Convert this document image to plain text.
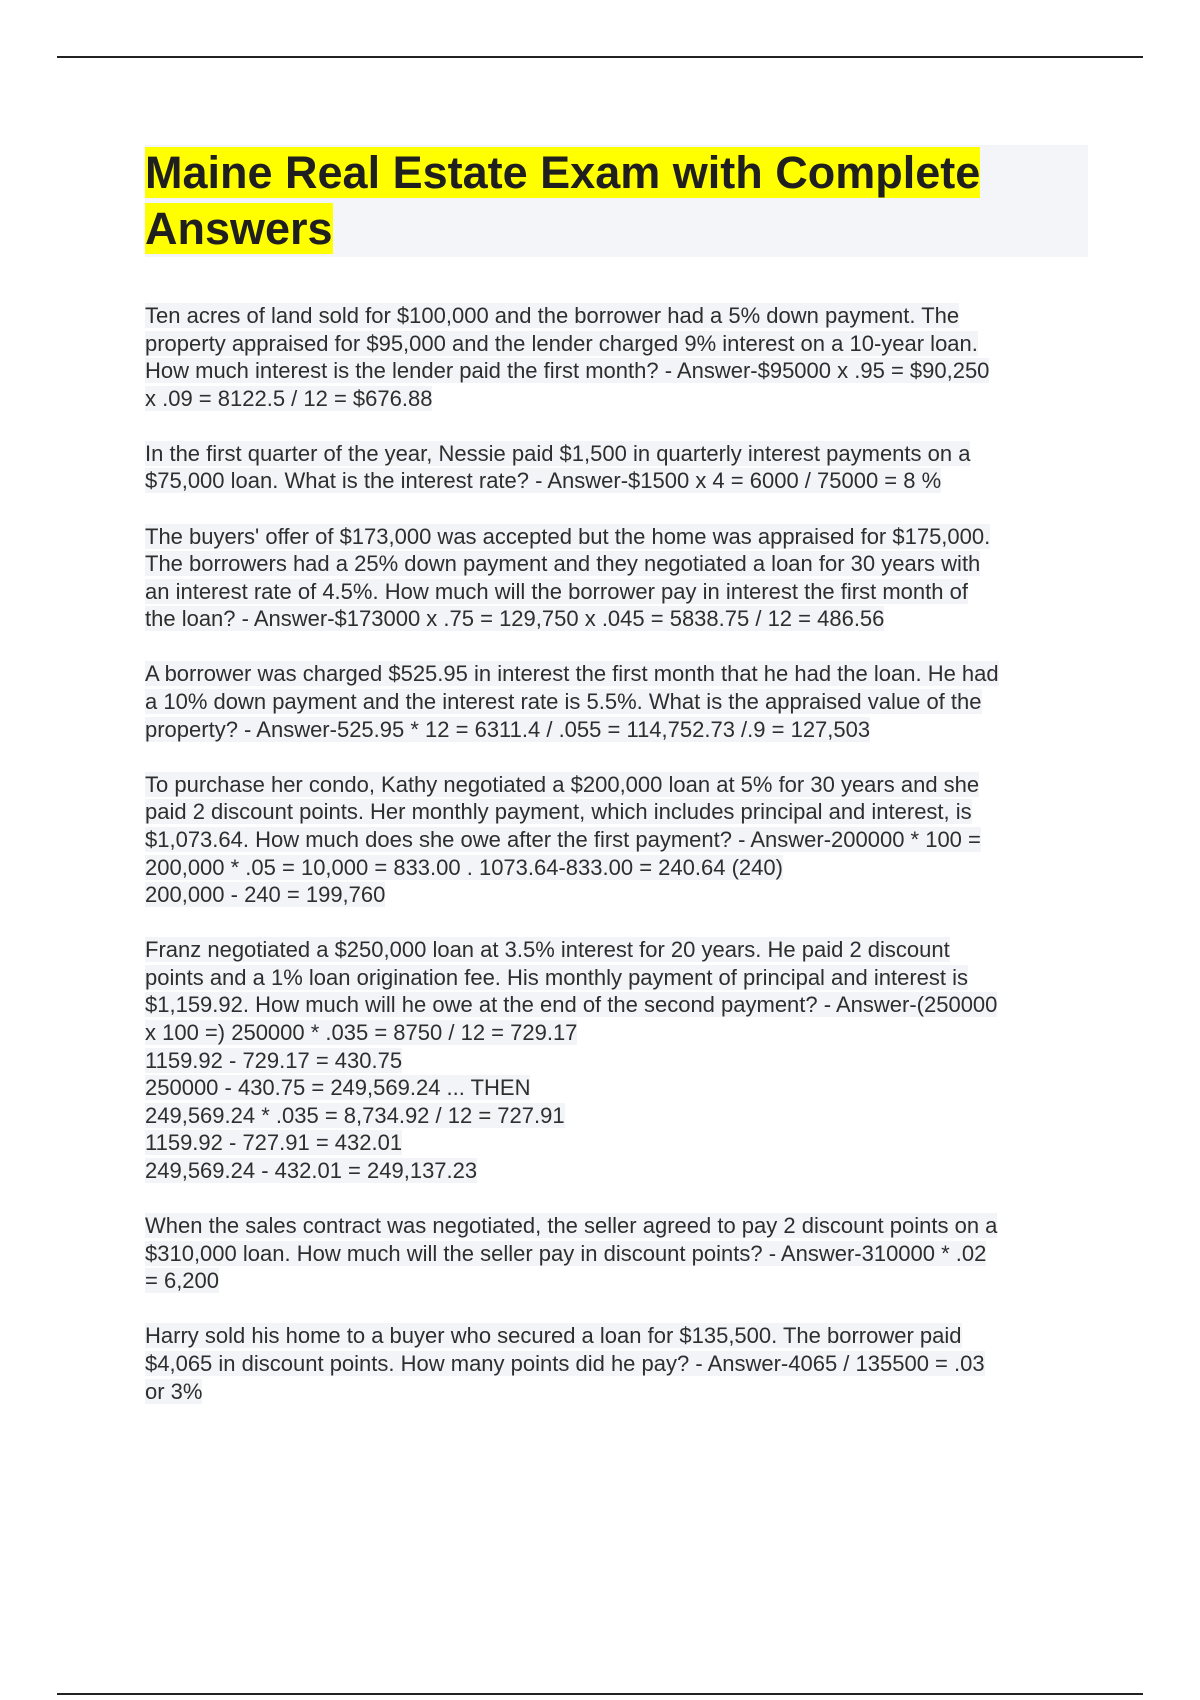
Maine Real Estate Exam with Complete Answers

Ten acres of land sold for $100,000 and the borrower had a 5% down payment. The
property appraised for $95,000 and the lender charged 9% interest on a 10-year loan.
How much interest is the lender paid the first month? - Answer-$95000 x .95 = $90,250
x .09 = 8122.5 / 12 = $676.88

In the first quarter of the year, Nessie paid $1,500 in quarterly interest payments on a
$75,000 loan. What is the interest rate? - Answer-$1500 x 4 = 6000 / 75000 = 8 %

The buyers' offer of $173,000 was accepted but the home was appraised for $175,000.
The borrowers had a 25% down payment and they negotiated a loan for 30 years with
an interest rate of 4.5%. How much will the borrower pay in interest the first month of
the loan? - Answer-$173000 x .75 = 129,750 x .045 = 5838.75 / 12 = 486.56

A borrower was charged $525.95 in interest the first month that he had the loan. He had
a 10% down payment and the interest rate is 5.5%. What is the appraised value of the
property? - Answer-525.95 * 12 = 6311.4 / .055 = 114,752.73 /.9 = 127,503

To purchase her condo, Kathy negotiated a $200,000 loan at 5% for 30 years and she
paid 2 discount points. Her monthly payment, which includes principal and interest, is
$1,073.64. How much does she owe after the first payment? - Answer-200000 * 100 =
200,000 * .05 = 10,000 = 833.00 . 1073.64-833.00 = 240.64 (240)
200,000 - 240 = 199,760

Franz negotiated a $250,000 loan at 3.5% interest for 20 years. He paid 2 discount
points and a 1% loan origination fee. His monthly payment of principal and interest is
$1,159.92. How much will he owe at the end of the second payment? - Answer-(250000
x 100 =) 250000 * .035 = 8750 / 12 = 729.17
1159.92 - 729.17 = 430.75
250000 - 430.75 = 249,569.24 ... THEN
249,569.24 * .035 = 8,734.92 / 12 = 727.91
1159.92 - 727.91 = 432.01
249,569.24 - 432.01 = 249,137.23

When the sales contract was negotiated, the seller agreed to pay 2 discount points on a
$310,000 loan. How much will the seller pay in discount points? - Answer-310000 * .02
= 6,200

Harry sold his home to a buyer who secured a loan for $135,500. The borrower paid
$4,065 in discount points. How many points did he pay? - Answer-4065 / 135500 = .03
or 3%
